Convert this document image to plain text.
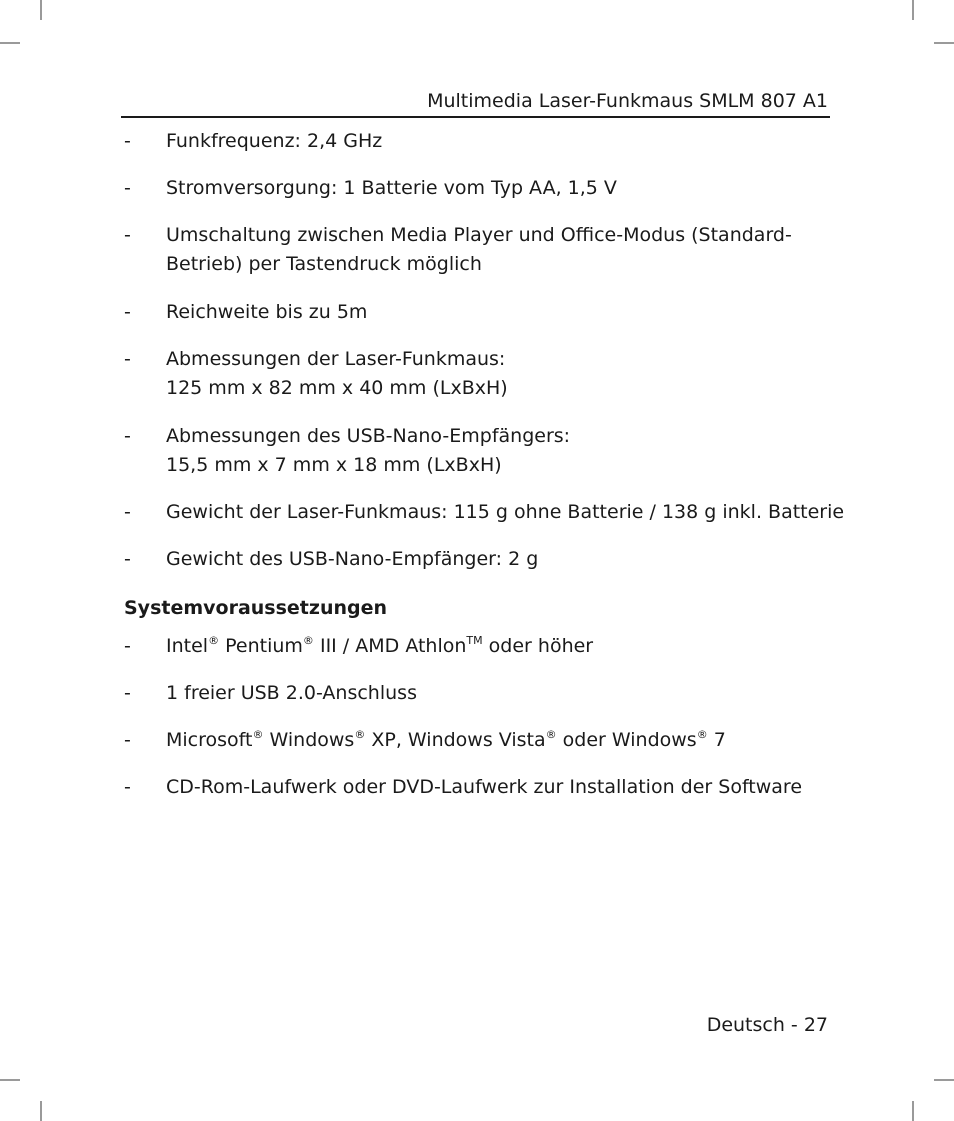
Multimedia Laser-Funkmaus SMLM 807 A1
- Funkfrequenz: 2,4 GHz
- Stromversorgung: 1 Batterie vom Typ AA, 1,5 V
- Umschaltung zwischen Media Player und Office-Modus (Standard-
Betrieb) per Tastendruck möglich
- Reichweite bis zu 5m
- Abmessungen der Laser-Funkmaus:
125 mm x 82 mm x 40 mm (LxBxH)
- Abmessungen des USB-Nano-Empfängers:
15,5 mm x 7 mm x 18 mm (LxBxH)
- Gewicht der Laser-Funkmaus: 115 g ohne Batterie / 138 g inkl. Batterie
- Gewicht des USB-Nano-Empfänger: 2 g
Systemvoraussetzungen
- Intel® Pentium® III / AMD Athlon™ oder höher
- 1 freier USB 2.0-Anschluss
- Microsoft® Windows® XP, Windows Vista® oder Windows® 7
- CD-Rom-Laufwerk oder DVD-Laufwerk zur Installation der Software
Deutsch - 27
